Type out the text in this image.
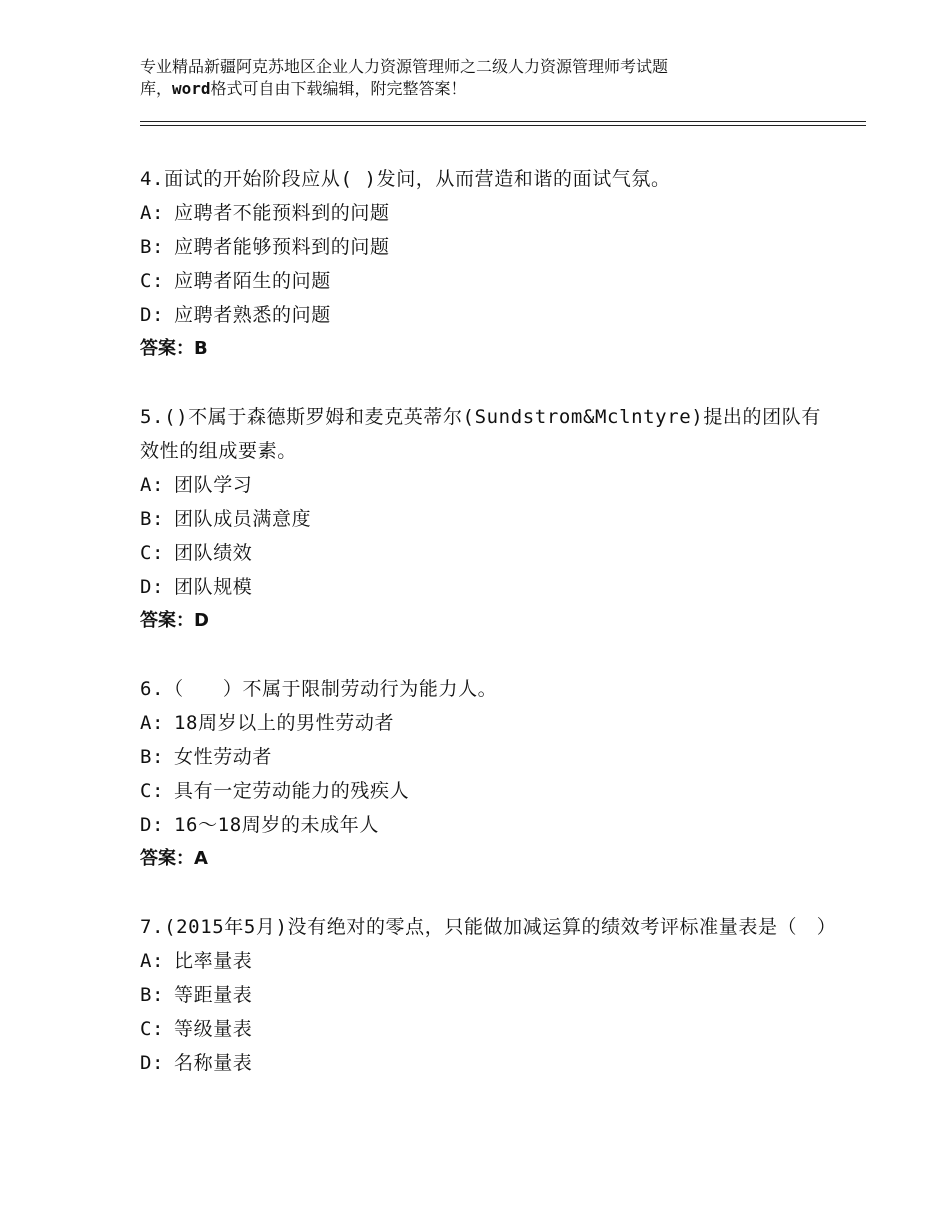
专业精品新疆阿克苏地区企业人力资源管理师之二级人力资源管理师考试题
库，word格式可自由下载编辑，附完整答案！

4.面试的开始阶段应从( )发问，从而营造和谐的面试气氛。

A: 应聘者不能预料到的问题

B: 应聘者能够预料到的问题

C: 应聘者陌生的问题

D: 应聘者熟悉的问题

答案：B

5.()不属于森德斯罗姆和麦克英蒂尔(Sundstrom&Mclntyre)提出的团队有效性的组成要素。

A: 团队学习

B: 团队成员满意度

C: 团队绩效

D: 团队规模

答案：D

6.（　　）不属于限制劳动行为能力人。

A: 18周岁以上的男性劳动者

B: 女性劳动者

C: 具有一定劳动能力的残疾人

D: 16～18周岁的未成年人

答案：A

7.(2015年5月)没有绝对的零点，只能做加减运算的绩效考评标准量表是（　）

A: 比率量表

B: 等距量表

C: 等级量表

D: 名称量表
